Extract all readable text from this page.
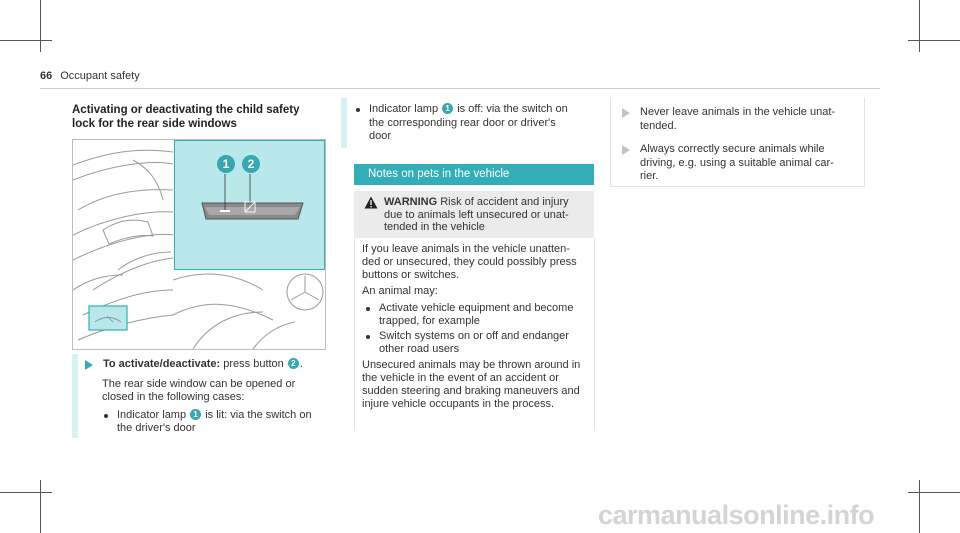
66 Occupant safety
Activating or deactivating the child safety
lock for the rear side windows
1	2
To activate/deactivate: press button 2 .
The rear side window can be opened or
closed in the following cases:
Indicator lamp 1 is lit: via the switch on
the driver's door
Indicator lamp 1 is off: via the switch on
the corresponding rear door or driver's
door
Notes on pets in the vehicle
WARNING Risk of accident and injury
due to animals left unsecured or unat-
tended in the vehicle

If you leave animals in the vehicle unatten-
ded or unsecured, they could possibly press
buttons or switches.

An animal may:

Activate vehicle equipment and become
trapped, for example
Switch systems on or off and endanger
other road users

Unsecured animals may be thrown around in
the vehicle in the event of an accident or
sudden steering and braking maneuvers and
injure vehicle occupants in the process.

Never leave animals in the vehicle unat-
tended.
Always correctly secure animals while
driving, e.g. using a suitable animal car-
rier.
carmanualsonline.info
